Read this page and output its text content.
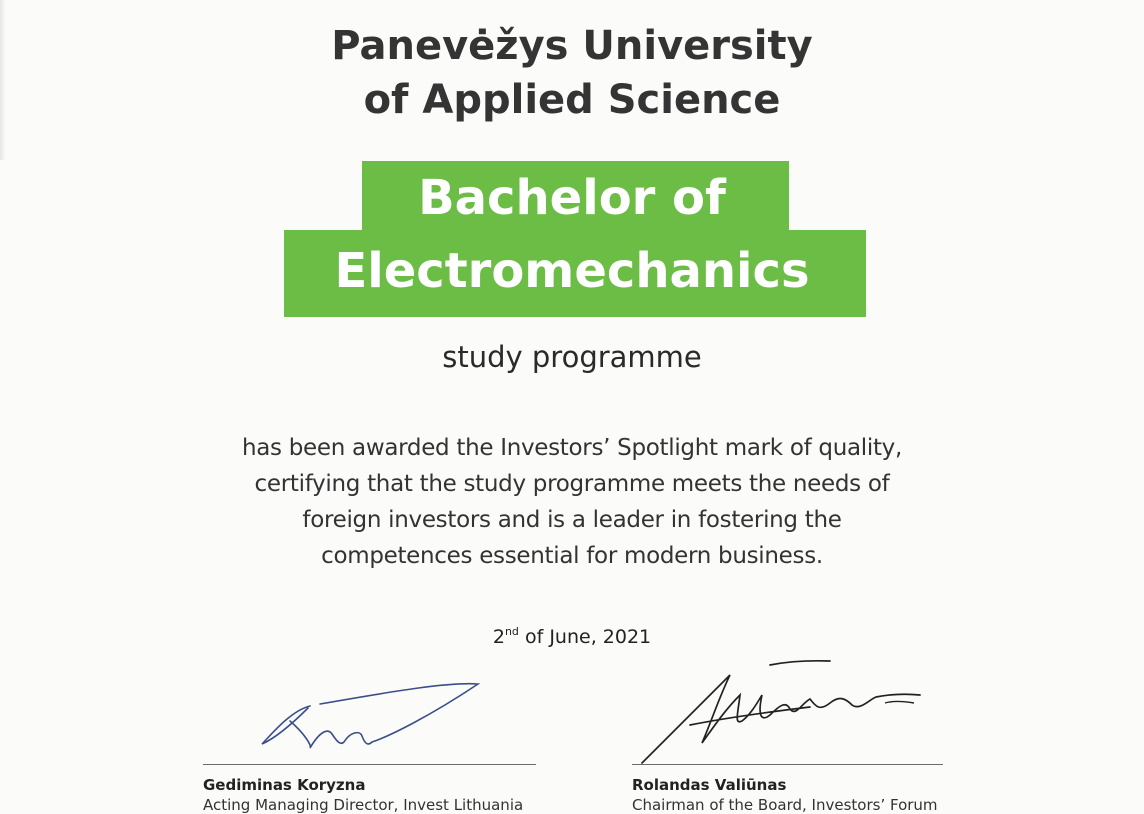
Panevėžys University
of Applied Science
Bachelor of
Electromechanics
study programme
has been awarded the Investors’ Spotlight mark of quality,
certifying that the study programme meets the needs of
foreign investors and is a leader in fostering the
competences essential for modern business.
2nd of June, 2021
Gediminas Koryzna
Acting Managing Director, Invest Lithuania
Rolandas Valiūnas
Chairman of the Board, Investors’ Forum
